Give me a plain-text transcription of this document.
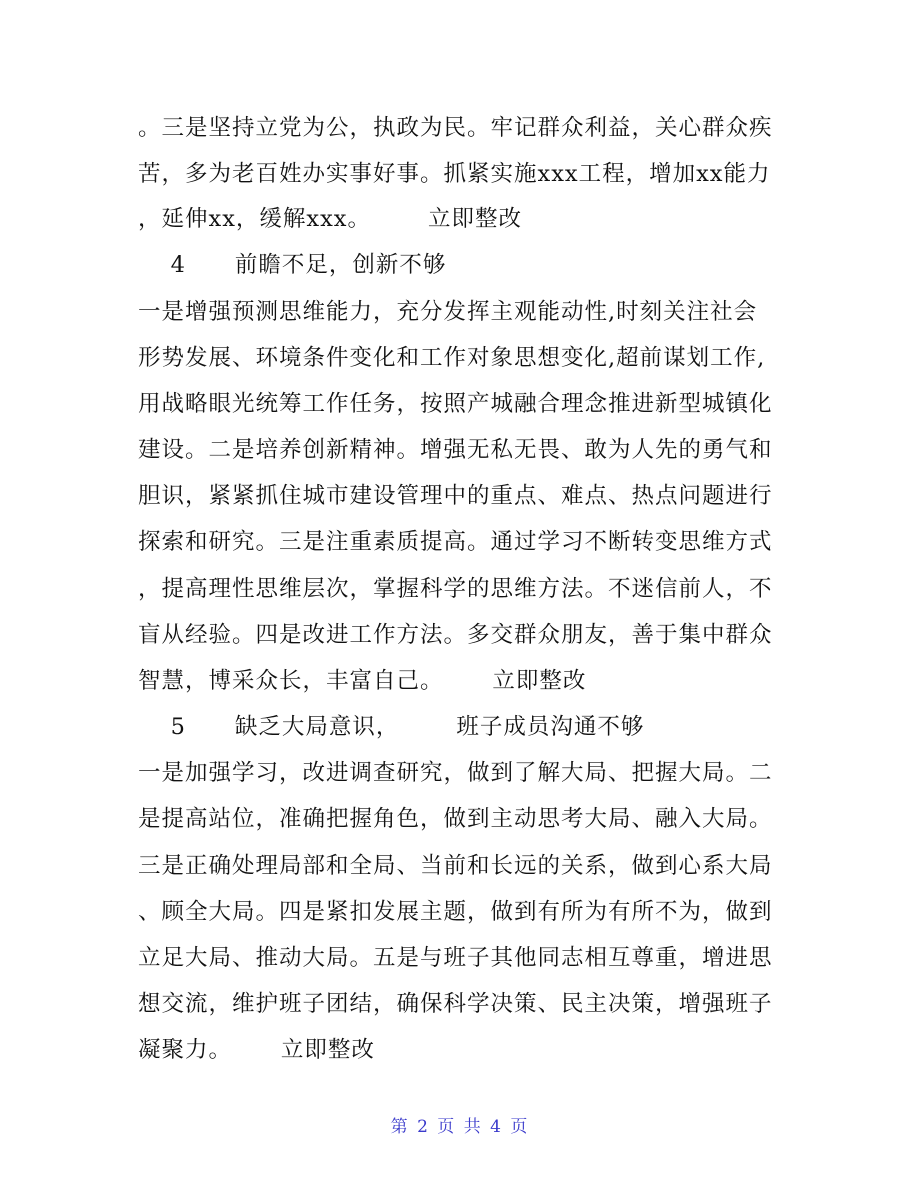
。三是坚持立党为公，执政为民。牢记群众利益，关心群众疾
苦，多为老百姓办实事好事。抓紧实施xxx工程，增加xx能力
，延伸xx，缓解xxx。       立即整改
4      前瞻不足，创新不够
一是增强预测思维能力，充分发挥主观能动性,时刻关注社会
形势发展、环境条件变化和工作对象思想变化,超前谋划工作,
用战略眼光统筹工作任务，按照产城融合理念推进新型城镇化
建设。二是培养创新精神。增强无私无畏、敢为人先的勇气和
胆识，紧紧抓住城市建设管理中的重点、难点、热点问题进行
探索和研究。三是注重素质提高。通过学习不断转变思维方式
，提高理性思维层次，掌握科学的思维方法。不迷信前人，不
盲从经验。四是改进工作方法。多交群众朋友，善于集中群众
智慧，博采众长，丰富自己。      立即整改
5      缺乏大局意识，       班子成员沟通不够
一是加强学习，改进调查研究，做到了解大局、把握大局。二
是提高站位，准确把握角色，做到主动思考大局、融入大局。
三是正确处理局部和全局、当前和长远的关系，做到心系大局
、顾全大局。四是紧扣发展主题，做到有所为有所不为，做到
立足大局、推动大局。五是与班子其他同志相互尊重，增进思
想交流，维护班子团结，确保科学决策、民主决策，增强班子
凝聚力。      立即整改
第 2 页 共 4 页
